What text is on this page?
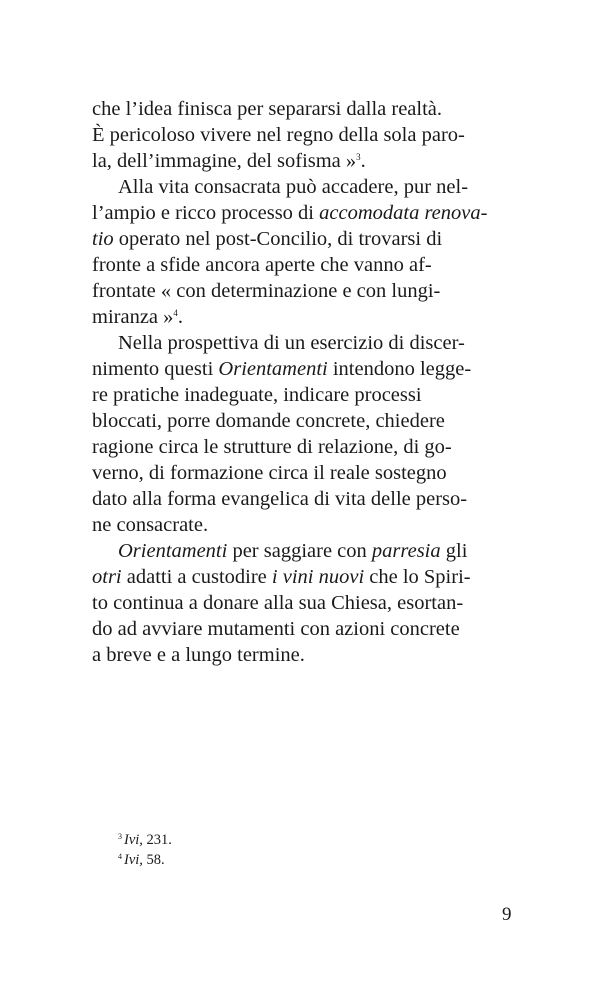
che l’idea finisca per separarsi dalla realtà.
È pericoloso vivere nel regno della sola paro-
la, dell’immagine, del sofisma »$^3$.

Alla vita consacrata può accadere, pur nel-
l’ampio e ricco processo di accomodata renova-
tio operato nel post-Concilio, di trovarsi di
fronte a sfide ancora aperte che vanno af-
frontate « con determinazione e con lungi-
miranza »$^4$.

Nella prospettiva di un esercizio di discer-
nimento questi Orientamenti intendono legge-
re pratiche inadeguate, indicare processi
bloccati, porre domande concrete, chiedere
ragione circa le strutture di relazione, di go-
verno, di formazione circa il reale sostegno
dato alla forma evangelica di vita delle perso-
ne consacrate.

Orientamenti per saggiare con parresia gli
otri adatti a custodire i vini nuovi che lo Spiri-
to continua a donare alla sua Chiesa, esortan-
do ad avviare mutamenti con azioni concrete
a breve e a lungo termine.

$^3$ Ivi, 231.
$^4$ Ivi, 58.
9
